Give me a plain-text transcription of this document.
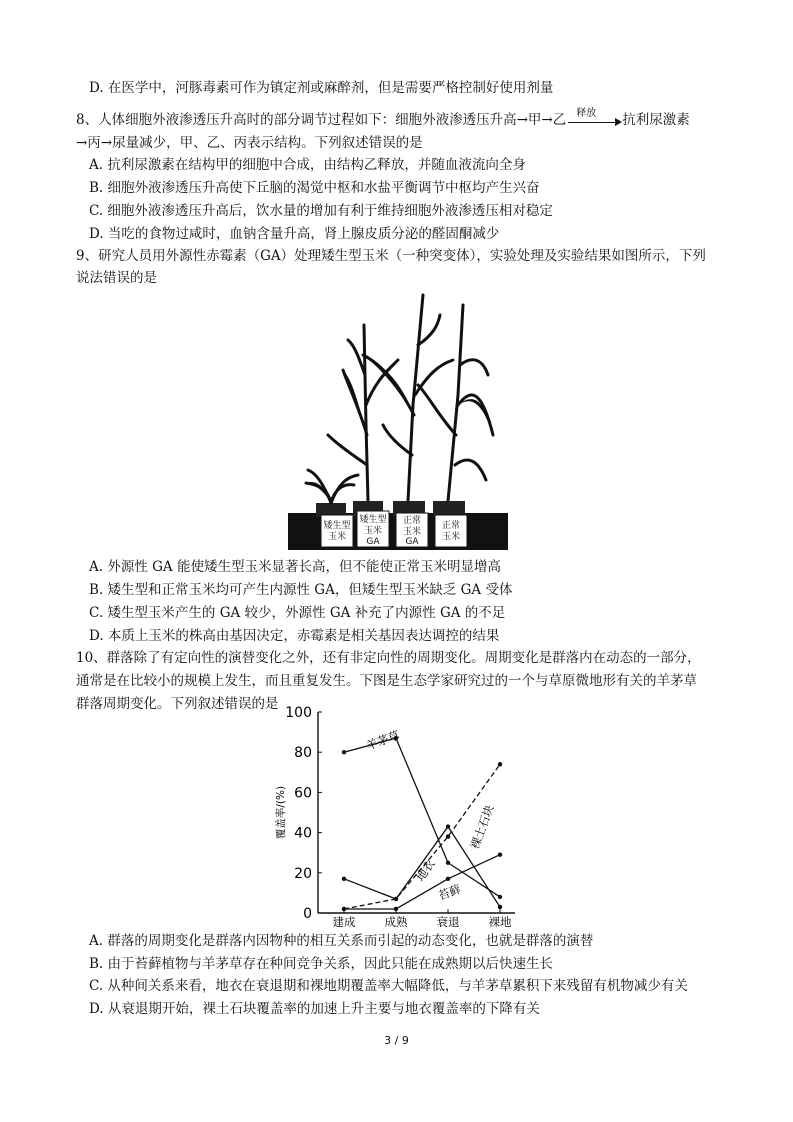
D. 在医学中，河豚毒素可作为镇定剂或麻醉剂，但是需要严格控制好使用剂量
8、人体细胞外液渗透压升高时的部分调节过程如下：细胞外液渗透压升高→甲→乙 释放 抗利尿激素
→丙→尿量减少，甲、乙、丙表示结构。下列叙述错误的是
A. 抗利尿激素在结构甲的细胞中合成，由结构乙释放，并随血液流向全身
B. 细胞外液渗透压升高使下丘脑的渴觉中枢和水盐平衡调节中枢均产生兴奋
C. 细胞外液渗透压升高后，饮水量的增加有利于维持细胞外液渗透压相对稳定
D. 当吃的食物过咸时，血钠含量升高，肾上腺皮质分泌的醛固酮减少
9、研究人员用外源性赤霉素（GA）处理矮生型玉米（一种突变体），实验处理及实验结果如图所示，下列
说法错误的是
矮生型
玉米
矮生型
玉米
GA
正常
玉米
GA
正常
玉米
A. 外源性 GA 能使矮生型玉米显著长高，但不能使正常玉米明显增高
B. 矮生型和正常玉米均可产生内源性 GA，但矮生型玉米缺乏 GA 受体
C. 矮生型玉米产生的 GA 较少，外源性 GA 补充了内源性 GA 的不足
D. 本质上玉米的株高由基因决定，赤霉素是相关基因表达调控的结果
10、群落除了有定向性的演替变化之外，还有非定向性的周期变化。周期变化是群落内在动态的一部分，
通常是在比较小的规模上发生，而且重复发生。下图是生态学家研究过的一个与草原微地形有关的羊茅草
群落周期变化。下列叙述错误的是
0
20
40
60
80
100
建成	成熟	衰退	裸地
覆盖率/(%)
羊茅草
裸土石块
地衣
苔藓
A. 群落的周期变化是群落内因物种的相互关系而引起的动态变化，也就是群落的演替
B. 由于苔藓植物与羊茅草存在种间竞争关系，因此只能在成熟期以后快速生长
C. 从种间关系来看，地衣在衰退期和裸地期覆盖率大幅降低，与羊茅草累积下来残留有机物减少有关
D. 从衰退期开始，裸土石块覆盖率的加速上升主要与地衣覆盖率的下降有关
3 / 9
